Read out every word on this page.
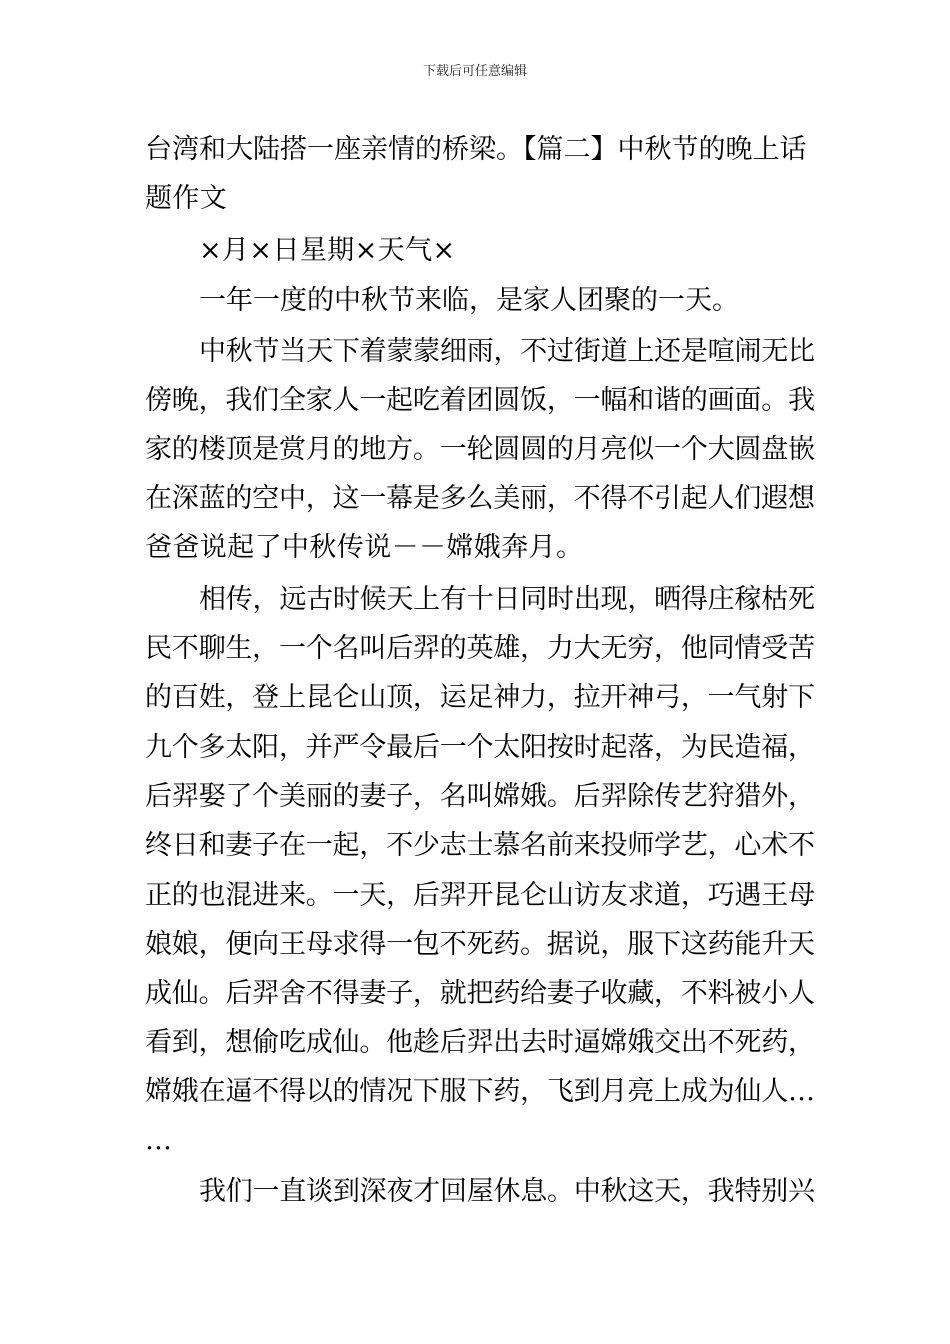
下载后可任意编辑
台湾和大陆搭一座亲情的桥梁。【篇二】中秋节的晚上话
题作文
×月×日星期×天气×
一年一度的中秋节来临，是家人团聚的一天。
中秋节当天下着蒙蒙细雨，不过街道上还是喧闹无比
傍晚，我们全家人一起吃着团圆饭，一幅和谐的画面。我
家的楼顶是赏月的地方。一轮圆圆的月亮似一个大圆盘嵌
在深蓝的空中，这一幕是多么美丽，不得不引起人们遐想
爸爸说起了中秋传说－－嫦娥奔月。
相传，远古时候天上有十日同时出现，晒得庄稼枯死
民不聊生，一个名叫后羿的英雄，力大无穷，他同情受苦
的百姓，登上昆仑山顶，运足神力，拉开神弓，一气射下
九个多太阳，并严令最后一个太阳按时起落，为民造福，
后羿娶了个美丽的妻子，名叫嫦娥。后羿除传艺狩猎外，
终日和妻子在一起，不少志士慕名前来投师学艺，心术不
正的也混进来。一天，后羿开昆仑山访友求道，巧遇王母
娘娘，便向王母求得一包不死药。据说，服下这药能升天
成仙。后羿舍不得妻子，就把药给妻子收藏，不料被小人
看到，想偷吃成仙。他趁后羿出去时逼嫦娥交出不死药，
嫦娥在逼不得以的情况下服下药，飞到月亮上成为仙人…
…
我们一直谈到深夜才回屋休息。中秋这天，我特别兴
